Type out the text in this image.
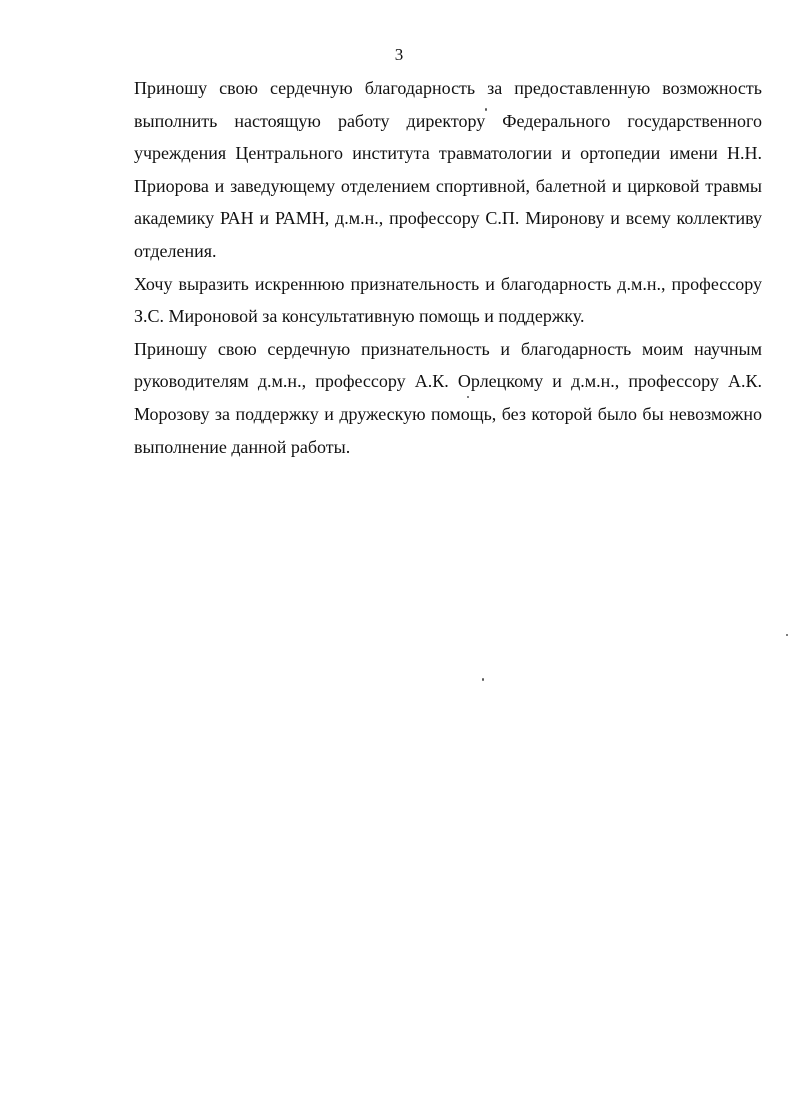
3

Приношу свою сердечную благодарность за предоставленную возможность выполнить настоящую работу директору Федерального государственного учреждения Центрального института травматологии и ортопедии имени Н.Н. Приорова и заведующему отделением спортивной, балетной и цирковой травмы академику РАН и РАМН, д.м.н., профессору С.П. Миронову и всему коллективу отделения.

Хочу выразить искреннюю признательность и благодарность д.м.н., профессору З.С. Мироновой за консультативную помощь и поддержку.

Приношу свою сердечную признательность и благодарность моим научным руководителям д.м.н., профессору А.К. Орлецкому и д.м.н., профессору А.К. Морозову за поддержку и дружескую помощь, без которой было бы невозможно выполнение данной работы.
